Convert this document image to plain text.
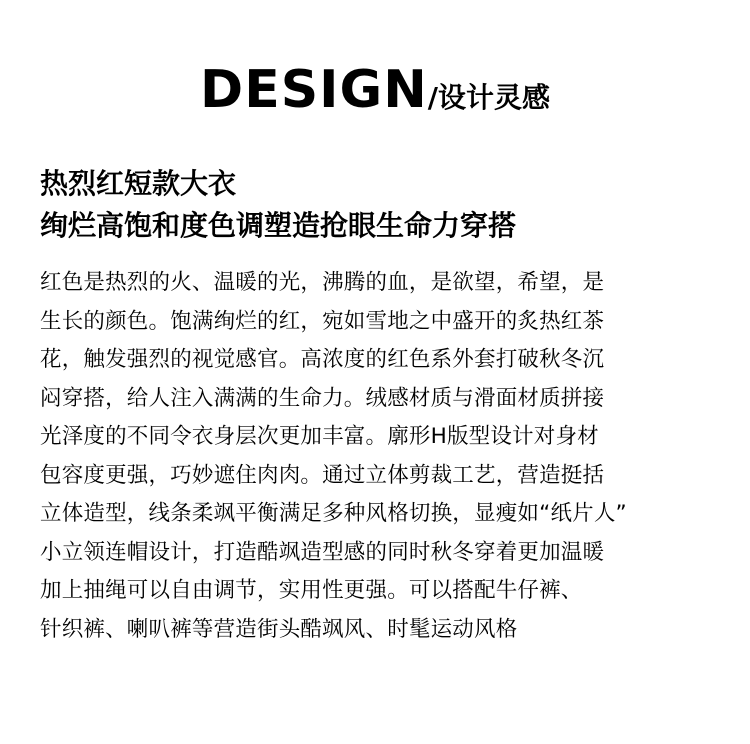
DESIGN/设计灵感
热烈红短款大衣
绚烂高饱和度色调塑造抢眼生命力穿搭
红色是热烈的火、温暖的光，沸腾的血，是欲望，希望，是
生长的颜色。饱满绚烂的红，宛如雪地之中盛开的炙热红茶
花，触发强烈的视觉感官。高浓度的红色系外套打破秋冬沉
闷穿搭，给人注入满满的生命力。绒感材质与滑面材质拼接
光泽度的不同令衣身层次更加丰富。廓形H版型设计对身材
包容度更强，巧妙遮住肉肉。通过立体剪裁工艺，营造挺括
立体造型，线条柔飒平衡满足多种风格切换，显瘦如“纸片人”
小立领连帽设计，打造酷飒造型感的同时秋冬穿着更加温暖
加上抽绳可以自由调节，实用性更强。可以搭配牛仔裤、
针织裤、喇叭裤等营造街头酷飒风、时髦运动风格
